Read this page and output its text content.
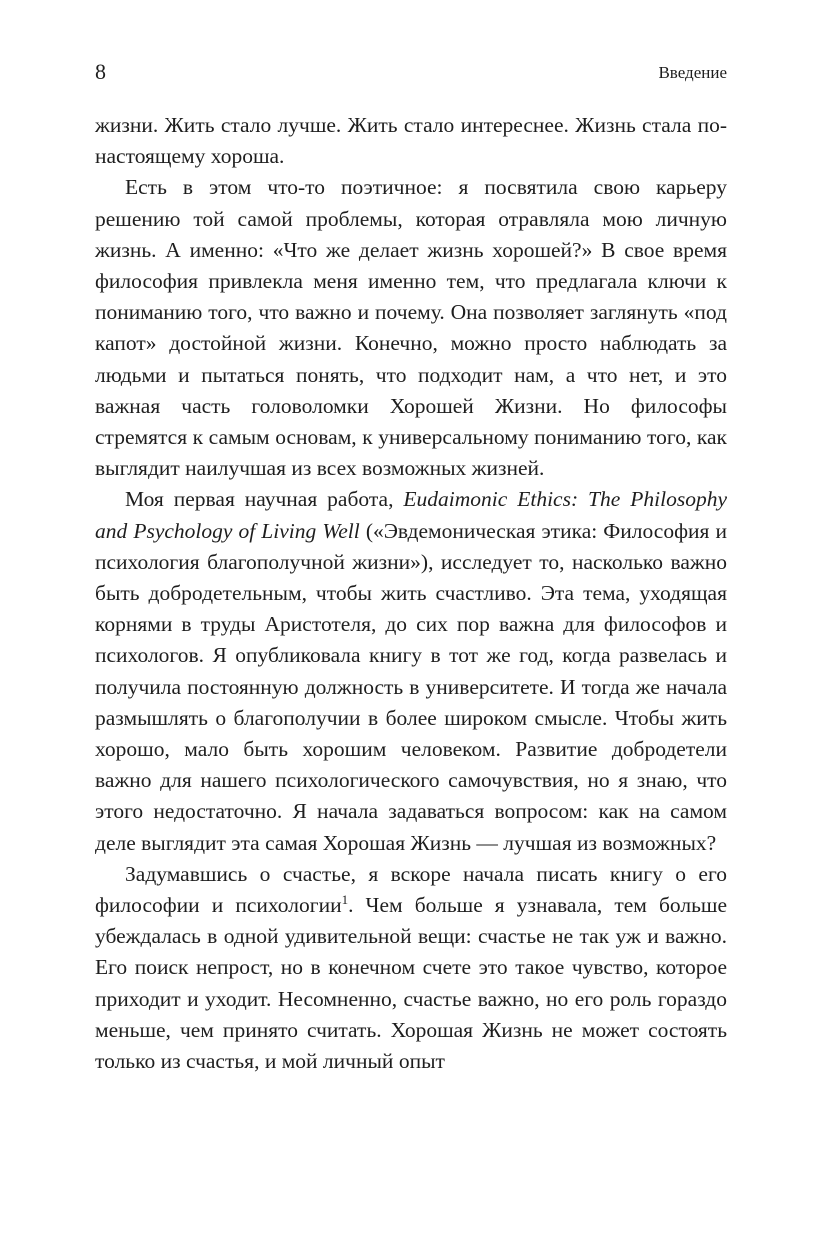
8	Введение

жизни. Жить стало лучше. Жить стало интереснее. Жизнь стала по-настоящему хороша.

Есть в этом что-то поэтичное: я посвятила свою карьеру решению той самой проблемы, которая отравляла мою личную жизнь. А именно: «Что же делает жизнь хорошей?» В свое время философия привлекла меня именно тем, что предлагала ключи к пониманию того, что важно и почему. Она позволяет заглянуть «под капот» достойной жизни. Конечно, можно просто наблюдать за людьми и пытаться понять, что подходит нам, а что нет, и это важная часть головоломки Хорошей Жизни. Но философы стремятся к самым основам, к универсальному пониманию того, как выглядит наилучшая из всех возможных жизней.

Моя первая научная работа, Eudaimonic Ethics: The Philosophy and Psychology of Living Well («Эвдемоническая этика: Философия и психология благополучной жизни»), исследует то, насколько важно быть добродетельным, чтобы жить счастливо. Эта тема, уходящая корнями в труды Аристотеля, до сих пор важна для философов и психологов. Я опубликовала книгу в тот же год, когда развелась и получила постоянную должность в университете. И тогда же начала размышлять о благополучии в более широком смысле. Чтобы жить хорошо, мало быть хорошим человеком. Развитие добродетели важно для нашего психологического самочувствия, но я знаю, что этого недостаточно. Я начала задаваться вопросом: как на самом деле выглядит эта самая Хорошая Жизнь — лучшая из возможных?

Задумавшись о счастье, я вскоре начала писать книгу о его философии и психологии$^1$. Чем больше я узнавала, тем больше убеждалась в одной удивительной вещи: счастье не так уж и важно. Его поиск непрост, но в конечном счете это такое чувство, которое приходит и уходит. Несомненно, счастье важно, но его роль гораздо меньше, чем принято считать. Хорошая Жизнь не может состоять только из счастья, и мой личный опыт
